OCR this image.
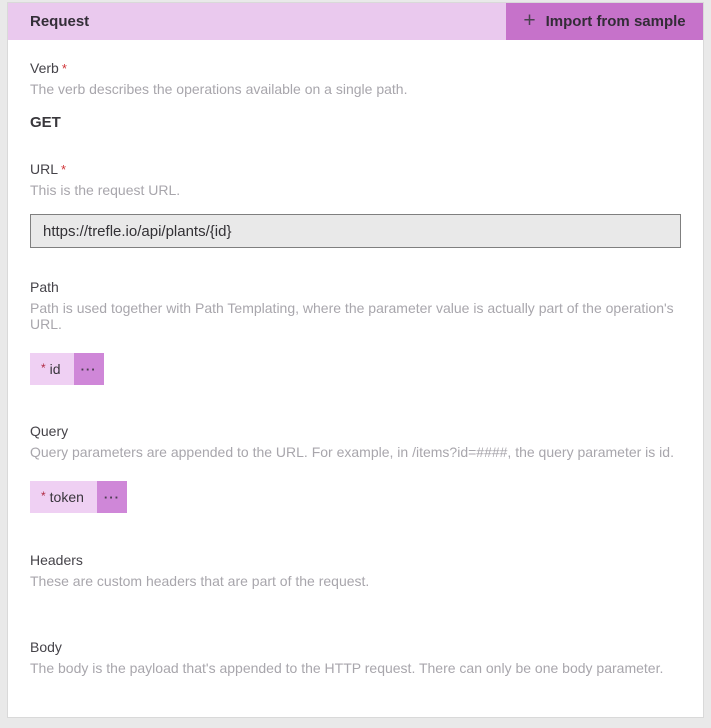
Request	+ Import from sample
Verb *
The verb describes the operations available on a single path.
GET
URL *
This is the request URL.
https://trefle.io/api/plants/{id}
Path
Path is used together with Path Templating, where the parameter value is actually part of the operation's URL.
* id ···
Query
Query parameters are appended to the URL. For example, in /items?id=####, the query parameter is id.
* token ···
Headers
These are custom headers that are part of the request.
Body
The body is the payload that's appended to the HTTP request. There can only be one body parameter.
